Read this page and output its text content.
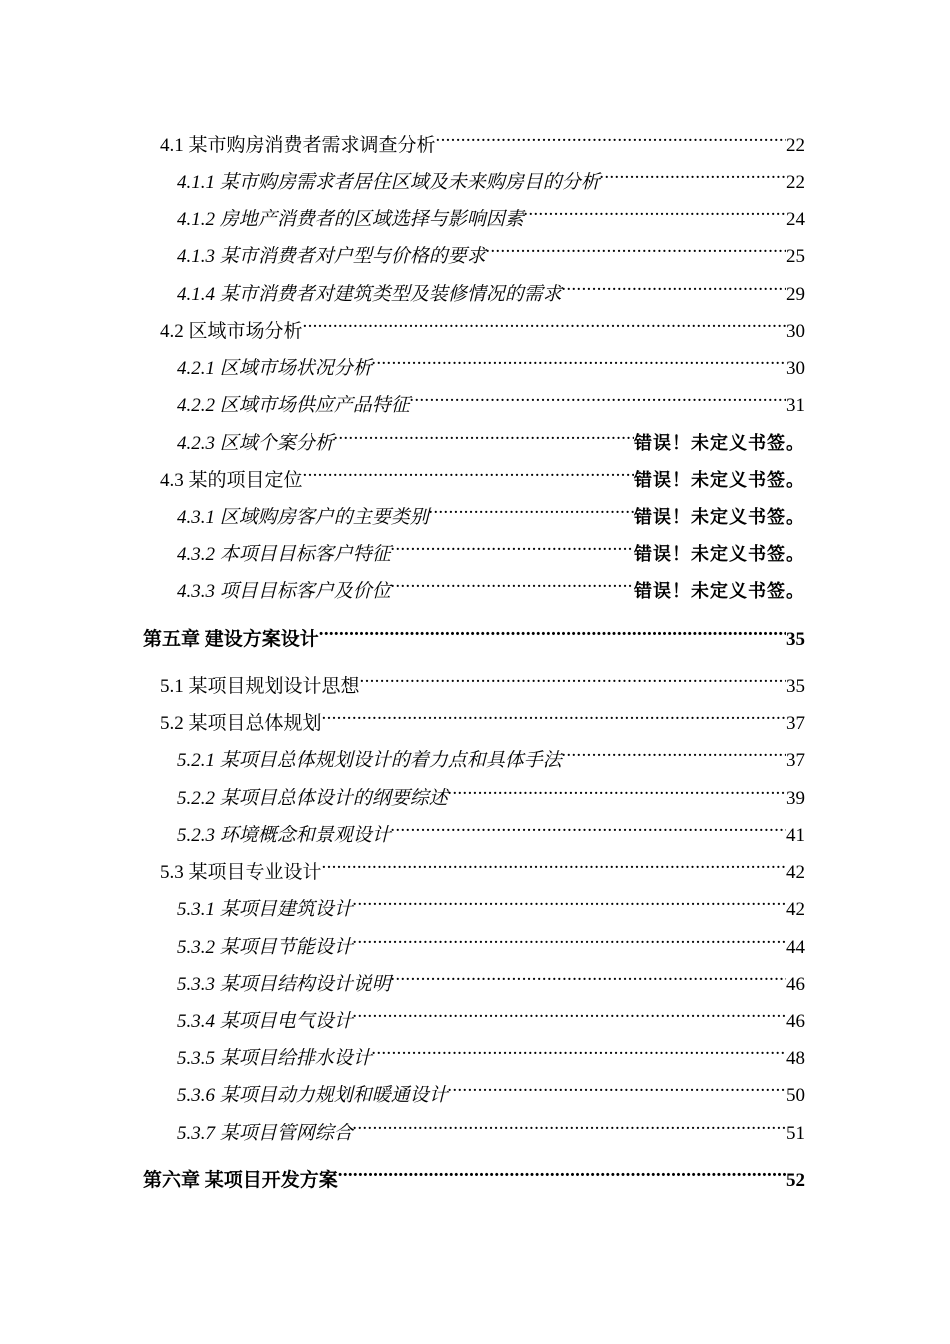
4.1 某市购房消费者需求调查分析 .....	22
4.1.1 某市购房需求者居住区域及未来购房目的分析 .....	22
4.1.2 房地产消费者的区域选择与影响因素 .....	24
4.1.3 某市消费者对户型与价格的要求 .....	25
4.1.4 某市消费者对建筑类型及装修情况的需求 .....	29
4.2 区域市场分析 .....	30
4.2.1 区域市场状况分析 .....	30
4.2.2 区域市场供应产品特征 .....	31
4.2.3 区域个案分析 .....	错误！未定义书签。
4.3 某的项目定位 .....	错误！未定义书签。
4.3.1 区域购房客户的主要类别 .....	错误！未定义书签。
4.3.2 本项目目标客户特征 .....	错误！未定义书签。
4.3.3 项目目标客户及价位 .....	错误！未定义书签。
第五章 建设方案设计 .....	35
5.1 某项目规划设计思想 .....	35
5.2 某项目总体规划 .....	37
5.2.1 某项目总体规划设计的着力点和具体手法 .....	37
5.2.2 某项目总体设计的纲要综述 .....	39
5.2.3 环境概念和景观设计 .....	41
5.3 某项目专业设计 .....	42
5.3.1 某项目建筑设计 .....	42
5.3.2 某项目节能设计 .....	44
5.3.3 某项目结构设计说明 .....	46
5.3.4 某项目电气设计 .....	46
5.3.5 某项目给排水设计 .....	48
5.3.6 某项目动力规划和暖通设计 .....	50
5.3.7 某项目管网综合 .....	51
第六章 某项目开发方案 .....	52
